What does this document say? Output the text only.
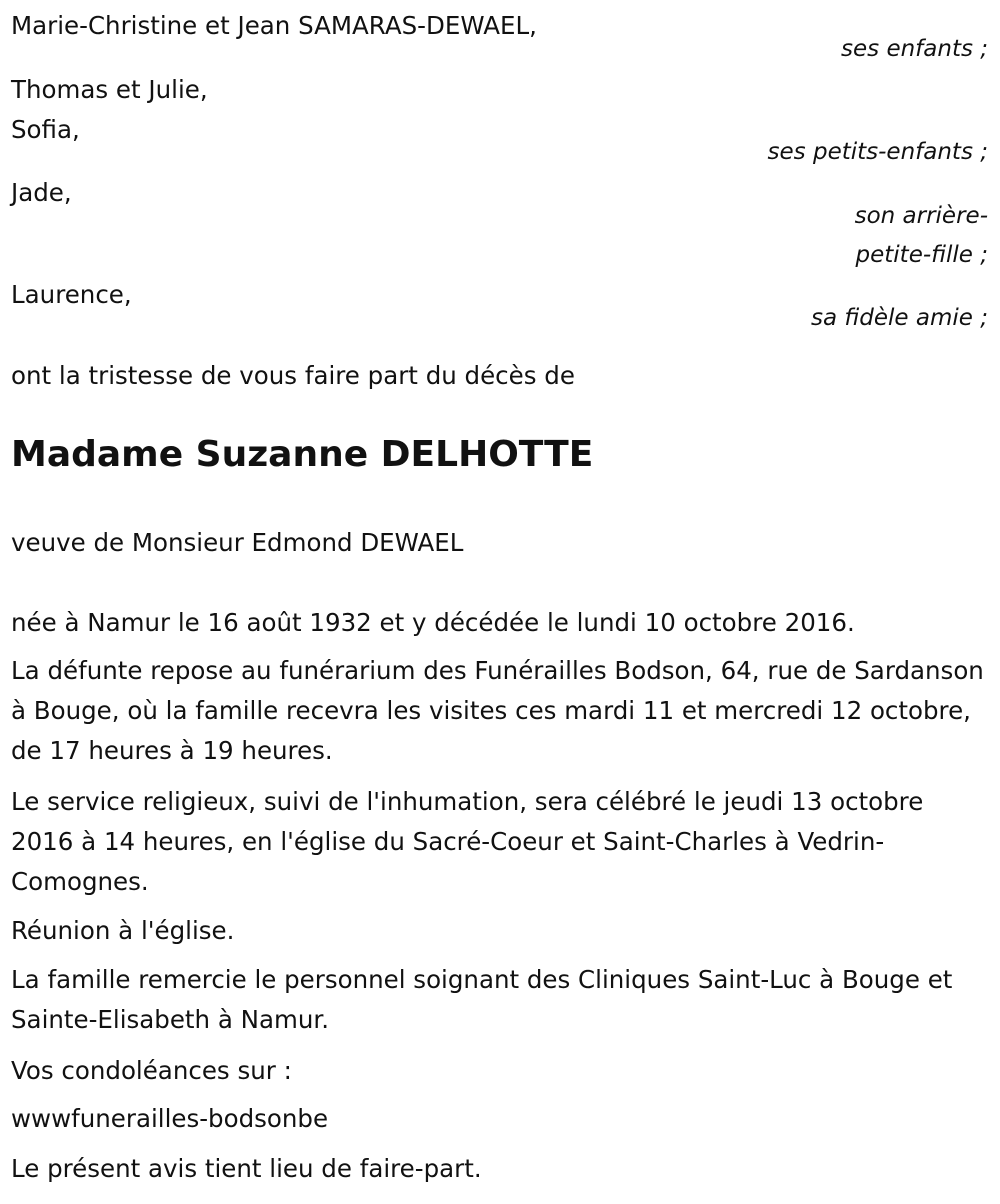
Marie-Christine et Jean SAMARAS-DEWAEL,
ses enfants ;
Thomas et Julie,
Sofia,
ses petits-enfants ;
Jade,
son arrière-
petite-fille ;
Laurence,
sa fidèle amie ;
ont la tristesse de vous faire part du décès de
Madame Suzanne DELHOTTE
veuve de Monsieur Edmond DEWAEL
née à Namur le 16 août 1932 et y décédée le lundi 10 octobre 2016.
La défunte repose au funérarium des Funérailles Bodson, 64, rue de Sardanson à Bouge, où la famille recevra les visites ces mardi 11 et mercredi 12 octobre, de 17 heures à 19 heures.
Le service religieux, suivi de l'inhumation, sera célébré le jeudi 13 octobre 2016 à 14 heures, en l'église du Sacré-Coeur et Saint-Charles à Vedrin-Comognes.
Réunion à l'église.
La famille remercie le personnel soignant des Cliniques Saint-Luc à Bouge et Sainte-Elisabeth à Namur.
Vos condoléances sur :
wwwfunerailles-bodsonbe
Le présent avis tient lieu de faire-part.
